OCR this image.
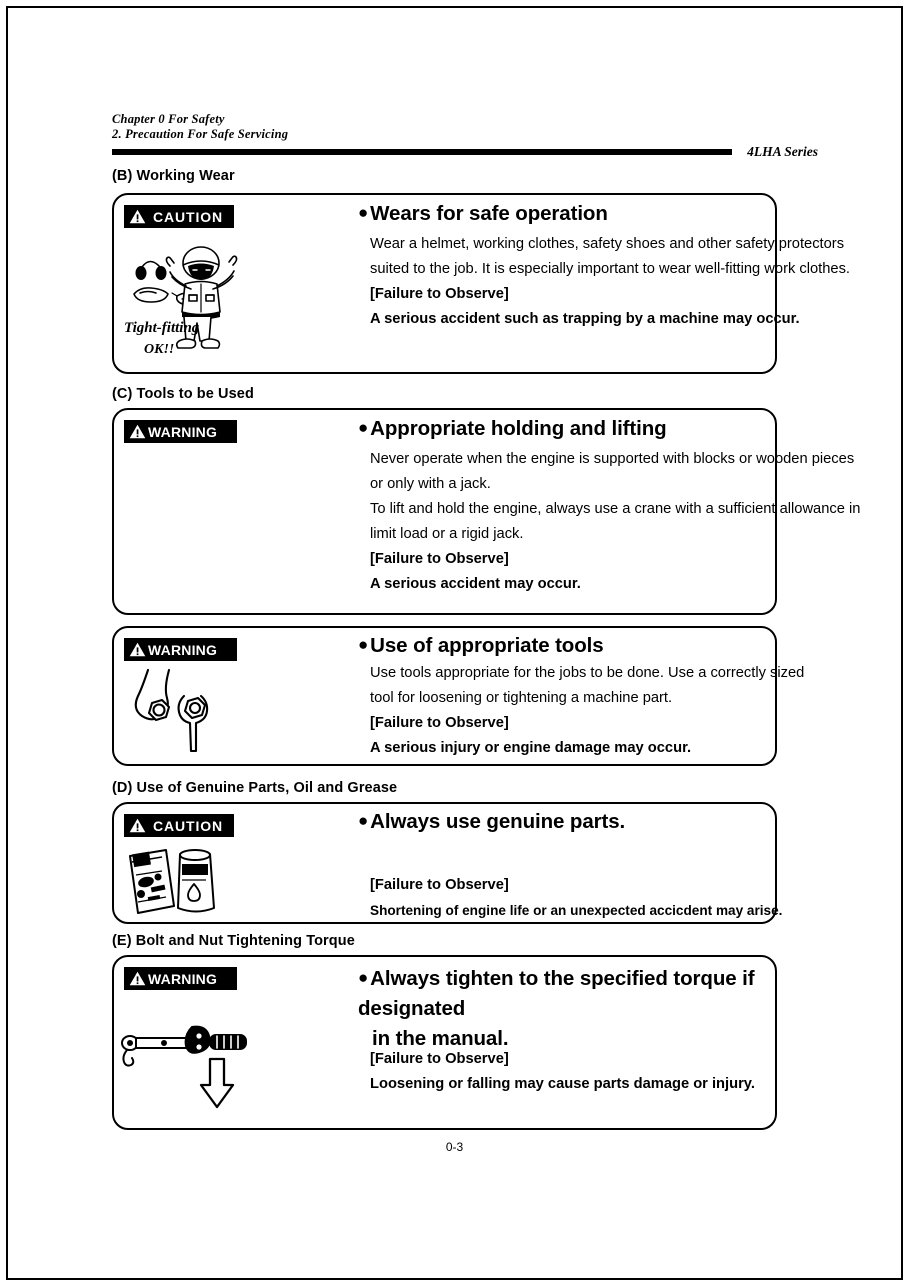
Chapter 0 For Safety
2. Precaution For Safe Servicing
4LHA Series
(B) Working Wear
CAUTION	●Wears for safe operation

Wear a helmet, working clothes, safety shoes and other safety protectors

suited to the job. It is especially important to wear well-fitting work clothes.

[Failure to Observe]

A serious accident such as trapping by a machine may occur.

Tight-fitting
OK!!
(C) Tools to be Used
WARNING	●Appropriate holding and lifting

Never operate when the engine is supported with blocks or wooden pieces

or only with a jack.

To lift and hold the engine, always use a crane with a sufficient allowance in

limit load or a rigid jack.

[Failure to Observe]

A serious accident may occur.

WARNING	●Use of appropriate tools

Use tools appropriate for the jobs to be done. Use a correctly sized

tool for loosening or tightening a machine part.

[Failure to Observe]

A serious injury or engine damage may occur.

(D) Use of Genuine Parts, Oil and Grease
CAUTION	●Always use genuine parts.

[Failure to Observe]

Shortening of engine life or an unexpected accicdent may arise.

(E) Bolt and Nut Tightening Torque
WARNING	●Always tighten to the specified torque if designated
in the manual.

[Failure to Observe]

Loosening or falling may cause parts damage or injury.

0-3
